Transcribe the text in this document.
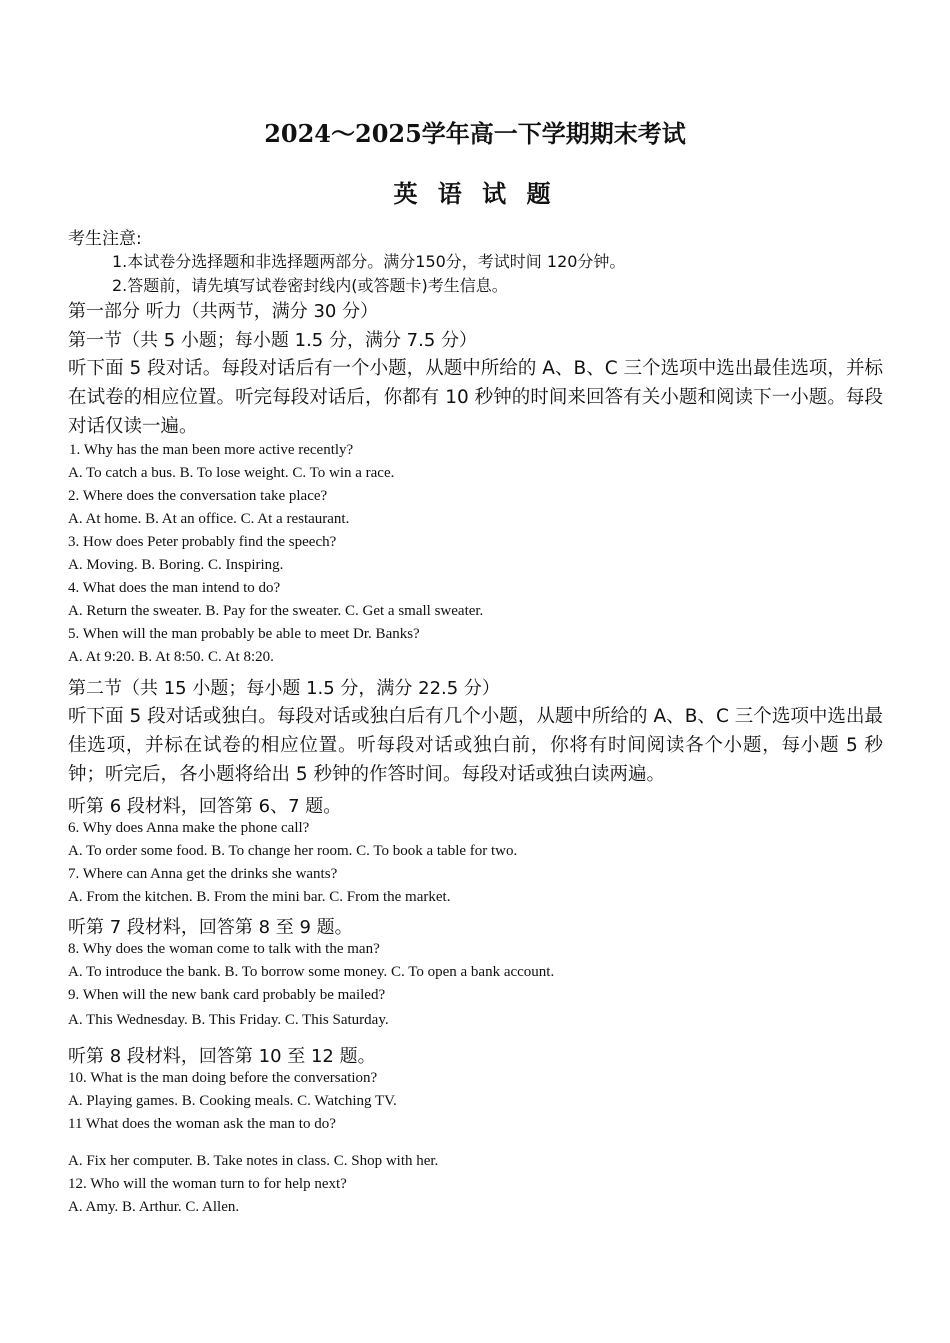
2024～2025学年高一下学期期末考试
英 语 试 题
考生注意:
1.本试卷分选择题和非选择题两部分。满分150分，考试时间 120分钟。
2.答题前，请先填写试卷密封线内(或答题卡)考生信息。
第一部分 听力（共两节，满分 30 分）
第一节（共 5 小题；每小题 1.5 分，满分 7.5 分）
听下面 5 段对话。每段对话后有一个小题，从题中所给的 A、B、C 三个选项中选出最佳选项，并标在试卷的相应位置。听完每段对话后，你都有 10 秒钟的时间来回答有关小题和阅读下一小题。每段对话仅读一遍。
1. Why has the man been more active recently?
A. To catch a bus. B. To lose weight. C. To win a race.
2. Where does the conversation take place?
A. At home. B. At an office. C. At a restaurant.
3. How does Peter probably find the speech?
A. Moving. B. Boring. C. Inspiring.
4. What does the man intend to do?
A. Return the sweater. B. Pay for the sweater. C. Get a small sweater.
5. When will the man probably be able to meet Dr. Banks?
A. At 9:20. B. At 8:50. C. At 8:20.
第二节（共 15 小题；每小题 1.5 分，满分 22.5 分）
听下面 5 段对话或独白。每段对话或独白后有几个小题，从题中所给的 A、B、C 三个选项中选出最佳选项，并标在试卷的相应位置。听每段对话或独白前，你将有时间阅读各个小题，每小题 5 秒钟；听完后，各小题将给出 5 秒钟的作答时间。每段对话或独白读两遍。
听第 6 段材料，回答第 6、7 题。
6. Why does Anna make the phone call?
A. To order some food. B. To change her room. C. To book a table for two.
7. Where can Anna get the drinks she wants?
A. From the kitchen. B. From the mini bar. C. From the market.
听第 7 段材料，回答第 8 至 9 题。
8. Why does the woman come to talk with the man?
A. To introduce the bank. B. To borrow some money. C. To open a bank account.
9. When will the new bank card probably be mailed?
A. This Wednesday. B. This Friday. C. This Saturday.
听第 8 段材料，回答第 10 至 12 题。
10. What is the man doing before the conversation?
A. Playing games. B. Cooking meals. C. Watching TV.
11 What does the woman ask the man to do?
A. Fix her computer. B. Take notes in class. C. Shop with her.
12. Who will the woman turn to for help next?
A. Amy. B. Arthur. C. Allen.
